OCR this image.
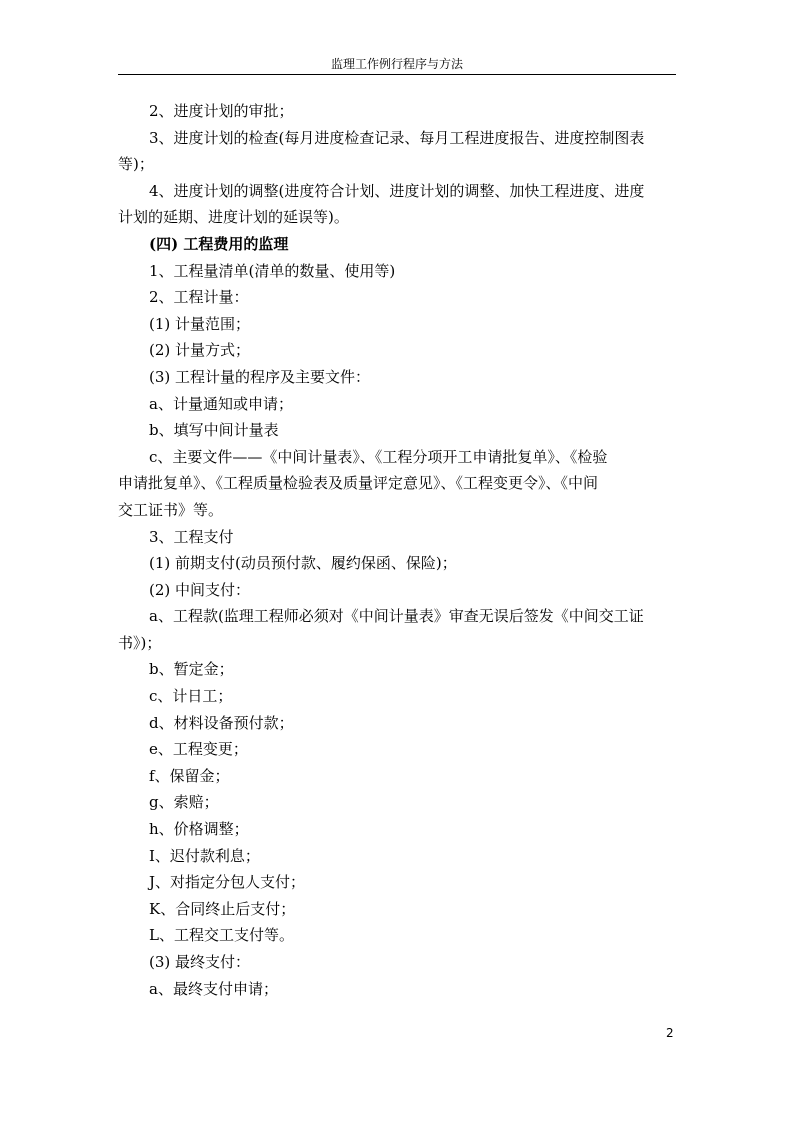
监理工作例行程序与方法
2、进度计划的审批；
3、进度计划的检查(每月进度检查记录、每月工程进度报告、进度控制图表
等)；
4、进度计划的调整(进度符合计划、进度计划的调整、加快工程进度、进度
计划的延期、进度计划的延误等)。
(四) 工程费用的监理
1、工程量清单(清单的数量、使用等)
2、工程计量：
(1) 计量范围；
(2) 计量方式；
(3) 工程计量的程序及主要文件：
a、计量通知或申请；
b、填写中间计量表
c、主要文件——《中间计量表》、《工程分项开工申请批复单》、《检验
申请批复单》、《工程质量检验表及质量评定意见》、《工程变更令》、《中间
交工证书》等。
3、工程支付
(1) 前期支付(动员预付款、履约保函、保险)；
(2) 中间支付：
a、工程款(监理工程师必须对《中间计量表》审查无误后签发《中间交工证
书》)；
b、暂定金；
c、计日工；
d、材料设备预付款；
e、工程变更；
f、保留金；
g、索赔；
h、价格调整；
I、迟付款利息；
J、对指定分包人支付；
K、合同终止后支付；
L、工程交工支付等。
(3) 最终支付：
a、最终支付申请；
2
